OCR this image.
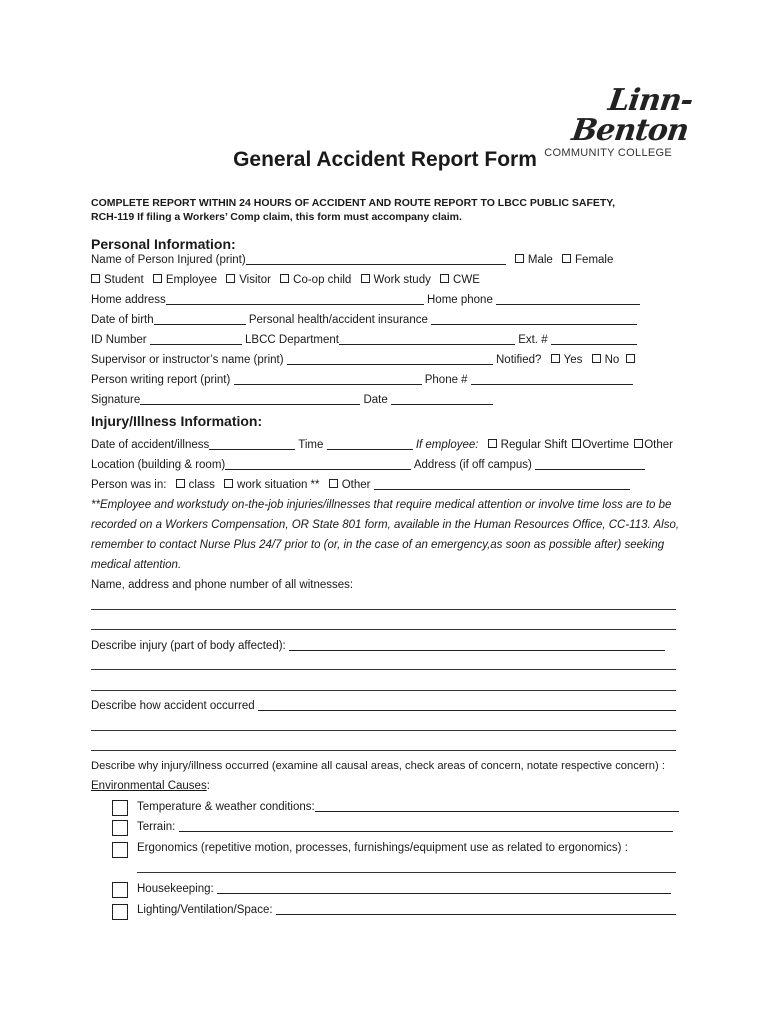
Linn-Benton
COMMUNITY COLLEGE
General Accident Report Form
COMPLETE REPORT WITHIN 24 HOURS OF ACCIDENT AND ROUTE REPORT TO LBCC PUBLIC SAFETY,
RCH-119 If filing a Workers’ Comp claim, this form must accompany claim.
Personal Information:
Name of Person Injured (print)	Male Female
Student Employee Visitor Co-op child Work study CWE
Home address	Home phone
Date of birth	Personal health/accident insurance
ID Number	LBCC Department	Ext. #
Supervisor or instructor’s name (print)	Notified? Yes No
Person writing report (print)	Phone #
Signature	Date
Injury/Illness Information:
Date of accident/illness	Time	If employee: Regular Shift Overtime Other
Location (building & room)	Address (if off campus)
Person was in: class work situation ** Other
**Employee and workstudy on-the-job injuries/illnesses that require medical attention or involve time loss are to be
recorded on a Workers Compensation, OR State 801 form, available in the Human Resources Office, CC-113. Also,
remember to contact Nurse Plus 24/7 prior to (or, in the case of an emergency,as soon as possible after) seeking
medical attention.
Name, address and phone number of all witnesses:
Describe injury (part of body affected):
Describe how accident occurred
Describe why injury/illness occurred (examine all causal areas, check areas of concern, notate respective concern) :
Environmental Causes:
Temperature & weather conditions:
Terrain:
Ergonomics (repetitive motion, processes, furnishings/equipment use as related to ergonomics) :
Housekeeping:
Lighting/Ventilation/Space:
